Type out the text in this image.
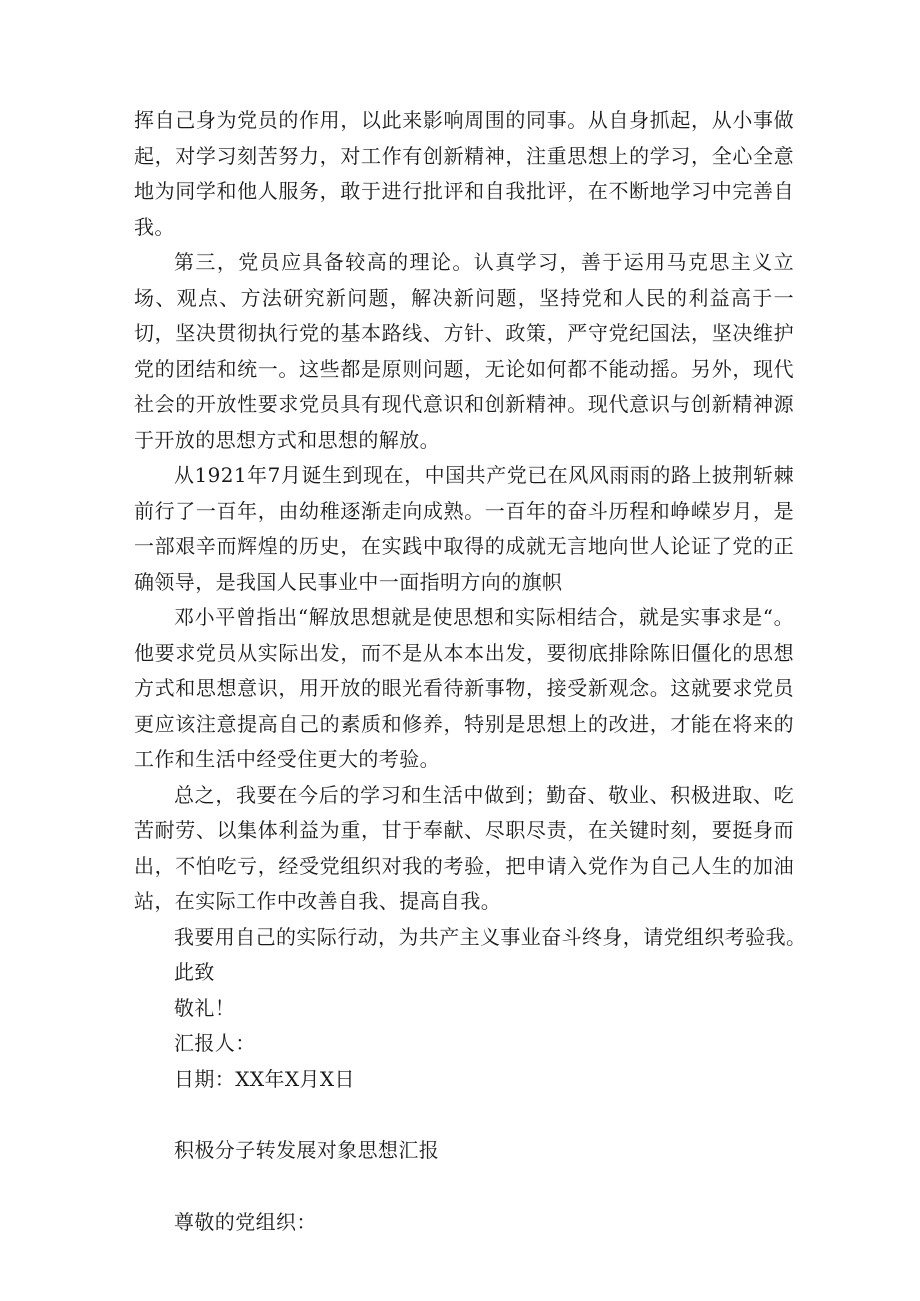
挥自己身为党员的作用，以此来影响周围的同事。从自身抓起，从小事做起，对学习刻苦努力，对工作有创新精神，注重思想上的学习，全心全意地为同学和他人服务，敢于进行批评和自我批评，在不断地学习中完善自我。

第三，党员应具备较高的理论。认真学习，善于运用马克思主义立场、观点、方法研究新问题，解决新问题，坚持党和人民的利益高于一切，坚决贯彻执行党的基本路线、方针、政策，严守党纪国法，坚决维护党的团结和统一。这些都是原则问题，无论如何都不能动摇。另外，现代社会的开放性要求党员具有现代意识和创新精神。现代意识与创新精神源于开放的思想方式和思想的解放。

从1921年7月诞生到现在，中国共产党已在风风雨雨的路上披荆斩棘前行了一百年，由幼稚逐渐走向成熟。一百年的奋斗历程和峥嵘岁月，是一部艰辛而辉煌的历史，在实践中取得的成就无言地向世人论证了党的正确领导，是我国人民事业中一面指明方向的旗帜

邓小平曾指出“解放思想就是使思想和实际相结合，就是实事求是“。他要求党员从实际出发，而不是从本本出发，要彻底排除陈旧僵化的思想方式和思想意识，用开放的眼光看待新事物，接受新观念。这就要求党员更应该注意提高自己的素质和修养，特别是思想上的改进，才能在将来的工作和生活中经受住更大的考验。

总之，我要在今后的学习和生活中做到；勤奋、敬业、积极进取、吃苦耐劳、以集体利益为重，甘于奉献、尽职尽责，在关键时刻，要挺身而出，不怕吃亏，经受党组织对我的考验，把申请入党作为自己人生的加油站，在实际工作中改善自我、提高自我。

我要用自己的实际行动，为共产主义事业奋斗终身，请党组织考验我。

此致

敬礼！

汇报人：

日期：XX年X月X日

积极分子转发展对象思想汇报

尊敬的党组织：
